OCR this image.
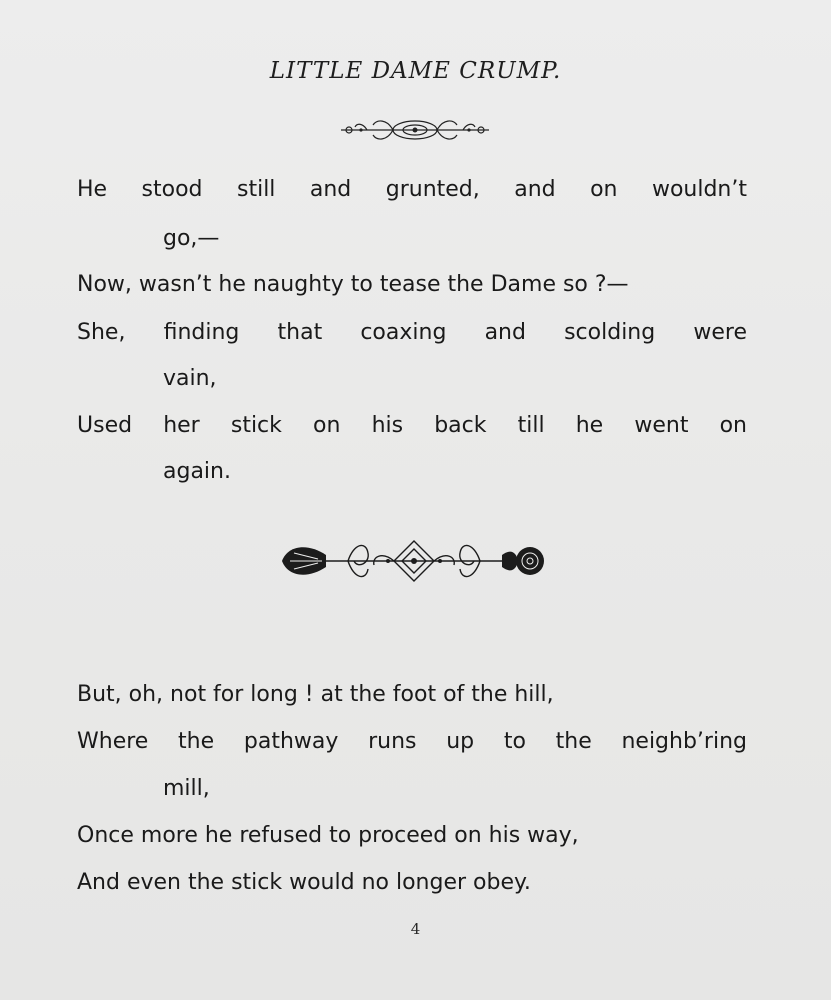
LITTLE DAME CRUMP.

He stood still and grunted, and on wouldn’t

go,—

Now, wasn’t he naughty to tease the Dame so ?—

She, finding that coaxing and scolding were

vain,

Used her stick on his back till he went on

again.

But, oh, not for long ! at the foot of the hill,

Where the pathway runs up to the neighb’ring

mill,

Once more he refused to proceed on his way,

And even the stick would no longer obey.

4
